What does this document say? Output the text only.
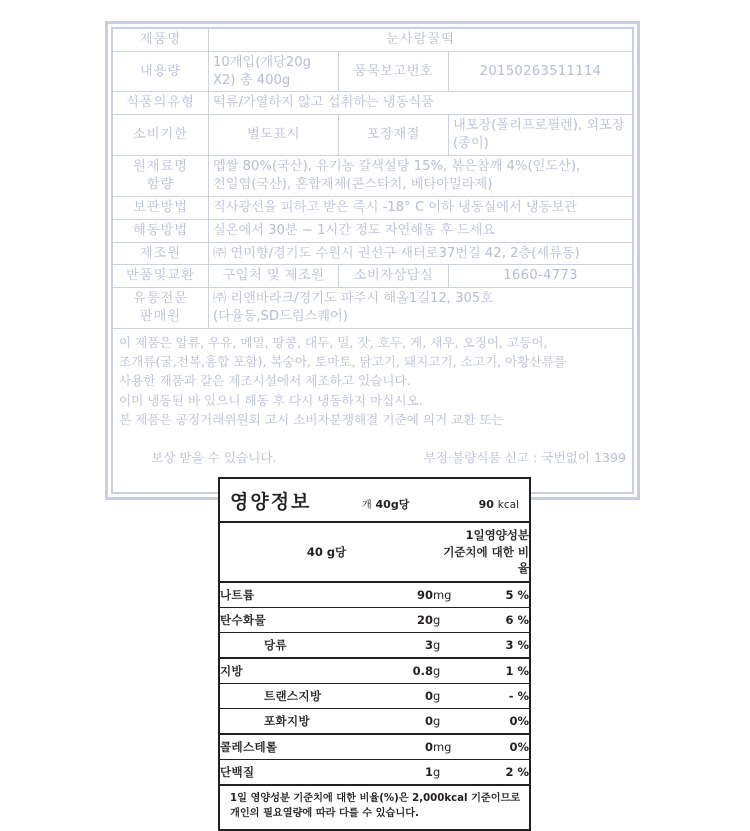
제품명	눈사람꿀떡		
내용량	10개입(개당20g X2) 총 400g	품목보고번호	20150263511114
식품의유형	떡류/가열하지 않고 섭취하는 냉동식품		
소비기한	별도표시	포장재질	내포장(폴리프로필렌), 외포장(종이)

원재료명
함량

멥쌀 80%(국산), 유기농 갈색설탕 15%, 볶은참깨 4%(인도산),
천일염(국산), 혼합제제(콘스타치, 베타아밀라제)

보관방법	직사광선을 피하고 받은 즉시 -18° C 이하 냉동실에서 냉동보관		
해동방법	실온에서 30분 ~ 1시간 정도 자연해동 후 드세요		
제조원	㈜ 연미향/경기도 수원시 권선구 새터로37번길 42, 2층(세류동)		
반품및교환	구입처 및 제조원	소비자상담실	1660-4773

유통전문
판매원

㈜ 리앤바라크/경기도 파주시 해올1길12, 305호
(다율동,SD드림스퀘어)
이 제품은 알류, 우유, 메밀, 땅콩, 대두, 밀, 잣, 호두, 게, 새우, 오징어, 고등어,
조개류(굴,전복,홍합 포함), 복숭아, 토마토, 닭고기, 돼지고기, 소고기, 아황산류를
사용한 제품과 같은 제조시설에서 제조하고 있습니다.
이미 냉동된 바 있으니 해동 후 다시 냉동하지 마십시오.
본 제품은 공정거래위원회 고시 소비자분쟁해결 기준에 의거 교환 또는

보상 받을 수 있습니다.	부정·불량식품 신고 : 국번없이 1399

영양정보	개 40g당	90 kcal
40 g당		1일영양성분
기준치에 대한 비율	

나트륨	90	mg	5 %
탄수화물	20	g	6 %
당류	3	g	3 %
지방	0.8	g	1 %
트랜스지방	0	g	- %
포화지방	0	g	0%
콜레스테롤	0	mg	0%
단백질	1	g	2 %
1일 영양성분 기준치에 대한 비율(%)은 2,000kcal 기준이므로
개인의 필요열량에 따라 다를 수 있습니다.
